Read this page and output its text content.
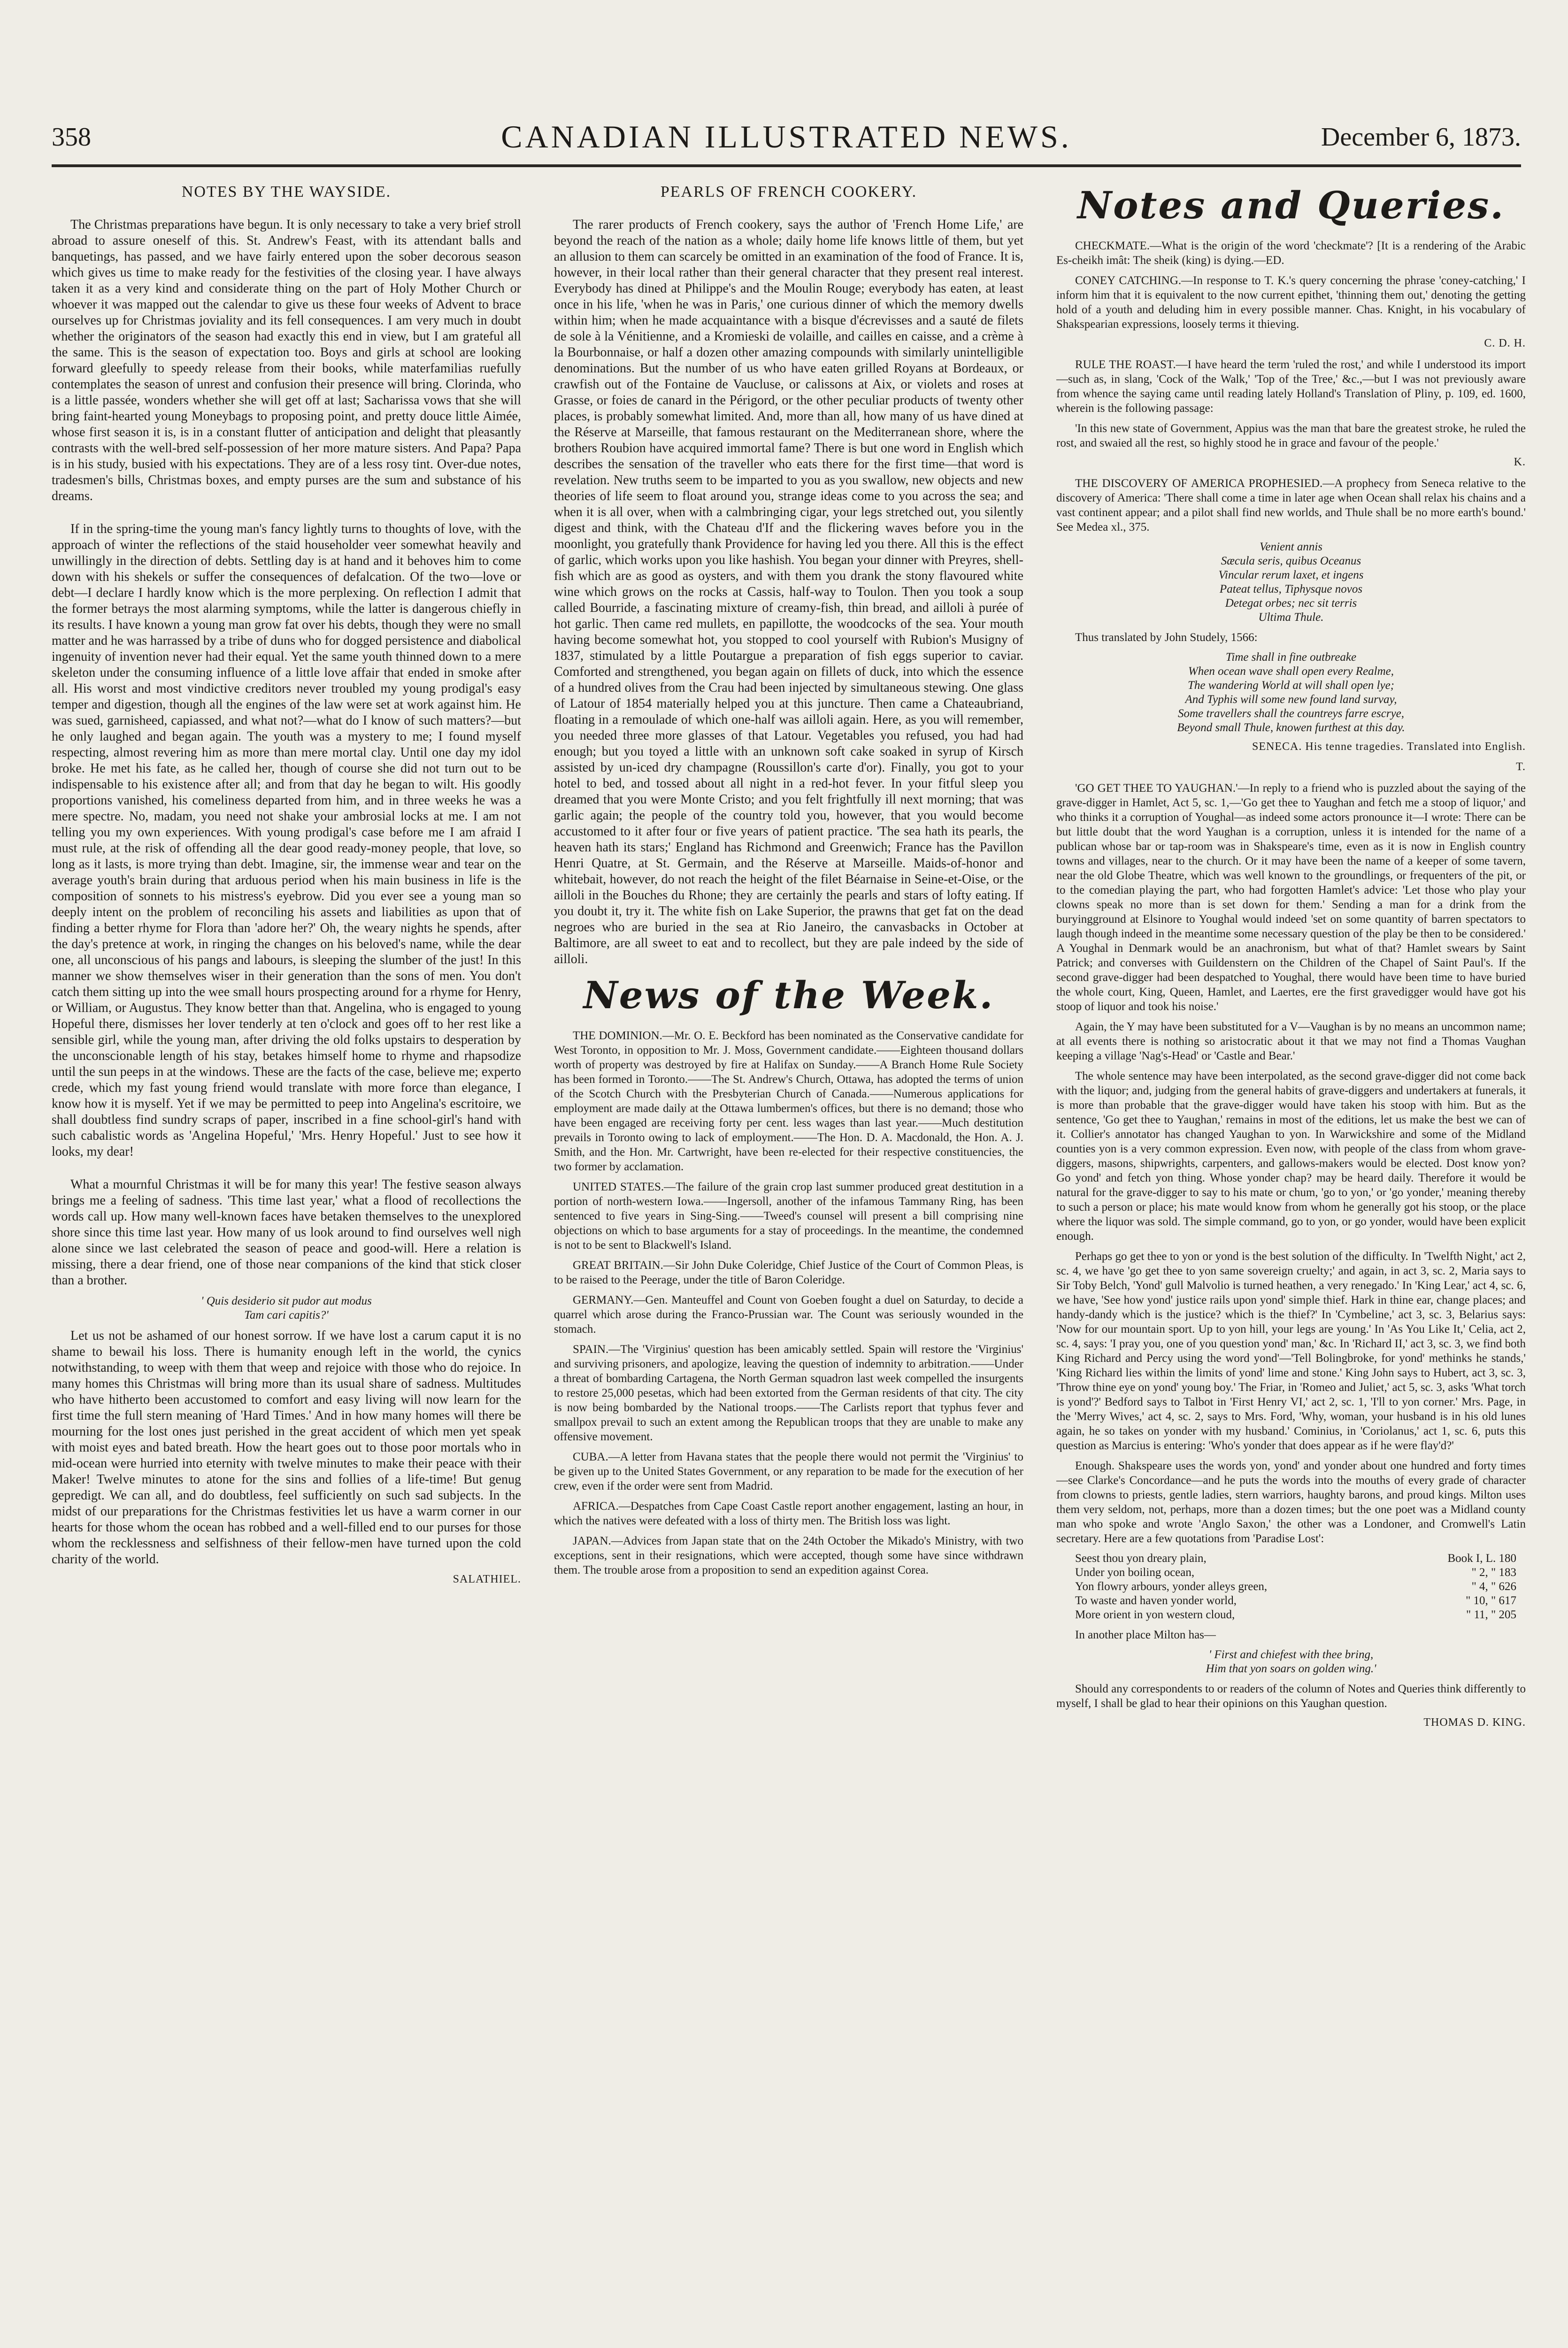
358	CANADIAN ILLUSTRATED NEWS.	December 6, 1873.
NOTES BY THE WAYSIDE.

The Christmas preparations have begun. It is only necessary to take a very brief stroll abroad to assure oneself of this. St. Andrew's Feast, with its attendant balls and banquetings, has passed, and we have fairly entered upon the sober decorous season which gives us time to make ready for the festivities of the closing year. I have always taken it as a very kind and considerate thing on the part of Holy Mother Church or whoever it was mapped out the calendar to give us these four weeks of Advent to brace ourselves up for Christmas joviality and its fell consequences. I am very much in doubt whether the originators of the season had exactly this end in view, but I am grateful all the same. This is the season of expectation too. Boys and girls at school are looking forward gleefully to speedy release from their books, while materfamilias ruefully contemplates the season of unrest and confusion their presence will bring. Clorinda, who is a little passée, wonders whether she will get off at last; Sacharissa vows that she will bring faint-hearted young Moneybags to proposing point, and pretty douce little Aimée, whose first season it is, is in a constant flutter of anticipation and delight that pleasantly contrasts with the well-bred self-possession of her more mature sisters. And Papa? Papa is in his study, busied with his expectations. They are of a less rosy tint. Over-due notes, tradesmen's bills, Christmas boxes, and empty purses are the sum and substance of his dreams.

If in the spring-time the young man's fancy lightly turns to thoughts of love, with the approach of winter the reflections of the staid householder veer somewhat heavily and unwillingly in the direction of debts. Settling day is at hand and it behoves him to come down with his shekels or suffer the consequences of defalcation. Of the two—love or debt—I declare I hardly know which is the more perplexing. On reflection I admit that the former betrays the most alarming symptoms, while the latter is dangerous chiefly in its results. I have known a young man grow fat over his debts, though they were no small matter and he was harrassed by a tribe of duns who for dogged persistence and diabolical ingenuity of invention never had their equal. Yet the same youth thinned down to a mere skeleton under the consuming influence of a little love affair that ended in smoke after all. His worst and most vindictive creditors never troubled my young prodigal's easy temper and digestion, though all the engines of the law were set at work against him. He was sued, garnisheed, capiassed, and what not?—what do I know of such matters?—but he only laughed and began again. The youth was a mystery to me; I found myself respecting, almost revering him as more than mere mortal clay. Until one day my idol broke. He met his fate, as he called her, though of course she did not turn out to be indispensable to his existence after all; and from that day he began to wilt. His goodly proportions vanished, his comeliness departed from him, and in three weeks he was a mere spectre. No, madam, you need not shake your ambrosial locks at me. I am not telling you my own experiences. With young prodigal's case before me I am afraid I must rule, at the risk of offending all the dear good ready-money people, that love, so long as it lasts, is more trying than debt. Imagine, sir, the immense wear and tear on the average youth's brain during that arduous period when his main business in life is the composition of sonnets to his mistress's eyebrow. Did you ever see a young man so deeply intent on the problem of reconciling his assets and liabilities as upon that of finding a better rhyme for Flora than 'adore her?' Oh, the weary nights he spends, after the day's pretence at work, in ringing the changes on his beloved's name, while the dear one, all unconscious of his pangs and labours, is sleeping the slumber of the just! In this manner we show themselves wiser in their generation than the sons of men. You don't catch them sitting up into the wee small hours prospecting around for a rhyme for Henry, or William, or Augustus. They know better than that. Angelina, who is engaged to young Hopeful there, dismisses her lover tenderly at ten o'clock and goes off to her rest like a sensible girl, while the young man, after driving the old folks upstairs to desperation by the unconscionable length of his stay, betakes himself home to rhyme and rhapsodize until the sun peeps in at the windows. These are the facts of the case, believe me; experto crede, which my fast young friend would translate with more force than elegance, I know how it is myself. Yet if we may be permitted to peep into Angelina's escritoire, we shall doubtless find sundry scraps of paper, inscribed in a fine school-girl's hand with such cabalistic words as 'Angelina Hopeful,' 'Mrs. Henry Hopeful.' Just to see how it looks, my dear!

What a mournful Christmas it will be for many this year! The festive season always brings me a feeling of sadness. 'This time last year,' what a flood of recollections the words call up. How many well-known faces have betaken themselves to the unexplored shore since this time last year. How many of us look around to find ourselves well nigh alone since we last celebrated the season of peace and good-will. Here a relation is missing, there a dear friend, one of those near companions of the kind that stick closer than a brother.

' Quis desiderio sit pudor aut modus
Tam cari capitis?'

Let us not be ashamed of our honest sorrow. If we have lost a carum caput it is no shame to bewail his loss. There is humanity enough left in the world, the cynics notwithstanding, to weep with them that weep and rejoice with those who do rejoice. In many homes this Christmas will bring more than its usual share of sadness. Multitudes who have hitherto been accustomed to comfort and easy living will now learn for the first time the full stern meaning of 'Hard Times.' And in how many homes will there be mourning for the lost ones just perished in the great accident of which men yet speak with moist eyes and bated breath. How the heart goes out to those poor mortals who in mid-ocean were hurried into eternity with twelve minutes to make their peace with their Maker! Twelve minutes to atone for the sins and follies of a life-time! But genug gepredigt. We can all, and do doubtless, feel sufficiently on such sad subjects. In the midst of our preparations for the Christmas festivities let us have a warm corner in our hearts for those whom the ocean has robbed and a well-filled end to our purses for those whom the recklessness and selfishness of their fellow-men have turned upon the cold charity of the world.

SALATHIEL.
PEARLS OF FRENCH COOKERY.

The rarer products of French cookery, says the author of 'French Home Life,' are beyond the reach of the nation as a whole; daily home life knows little of them, but yet an allusion to them can scarcely be omitted in an examination of the food of France. It is, however, in their local rather than their general character that they present real interest. Everybody has dined at Philippe's and the Moulin Rouge; everybody has eaten, at least once in his life, 'when he was in Paris,' one curious dinner of which the memory dwells within him; when he made acquaintance with a bisque d'écrevisses and a sauté de filets de sole à la Vénitienne, and a Kromieski de volaille, and cailles en caisse, and a crème à la Bourbonnaise, or half a dozen other amazing compounds with similarly unintelligible denominations. But the number of us who have eaten grilled Royans at Bordeaux, or crawfish out of the Fontaine de Vaucluse, or calissons at Aix, or violets and roses at Grasse, or foies de canard in the Périgord, or the other peculiar products of twenty other places, is probably somewhat limited. And, more than all, how many of us have dined at the Réserve at Marseille, that famous restaurant on the Mediterranean shore, where the brothers Roubion have acquired immortal fame? There is but one word in English which describes the sensation of the traveller who eats there for the first time—that word is revelation. New truths seem to be imparted to you as you swallow, new objects and new theories of life seem to float around you, strange ideas come to you across the sea; and when it is all over, when with a calmbringing cigar, your legs stretched out, you silently digest and think, with the Chateau d'If and the flickering waves before you in the moonlight, you gratefully thank Providence for having led you there. All this is the effect of garlic, which works upon you like hashish. You began your dinner with Preyres, shell-fish which are as good as oysters, and with them you drank the stony flavoured white wine which grows on the rocks at Cassis, half-way to Toulon. Then you took a soup called Bourride, a fascinating mixture of creamy-fish, thin bread, and ailloli à purée of hot garlic. Then came red mullets, en papillotte, the woodcocks of the sea. Your mouth having become somewhat hot, you stopped to cool yourself with Rubion's Musigny of 1837, stimulated by a little Poutargue a preparation of fish eggs superior to caviar. Comforted and strengthened, you began again on fillets of duck, into which the essence of a hundred olives from the Crau had been injected by simultaneous stewing. One glass of Latour of 1854 materially helped you at this juncture. Then came a Chateaubriand, floating in a remoulade of which one-half was ailloli again. Here, as you will remember, you needed three more glasses of that Latour. Vegetables you refused, you had had enough; but you toyed a little with an unknown soft cake soaked in syrup of Kirsch assisted by un-iced dry champagne (Roussillon's carte d'or). Finally, you got to your hotel to bed, and tossed about all night in a red-hot fever. In your fitful sleep you dreamed that you were Monte Cristo; and you felt frightfully ill next morning; that was garlic again; the people of the country told you, however, that you would become accustomed to it after four or five years of patient practice. 'The sea hath its pearls, the heaven hath its stars;' England has Richmond and Greenwich; France has the Pavillon Henri Quatre, at St. Germain, and the Réserve at Marseille. Maids-of-honor and whitebait, however, do not reach the height of the filet Béarnaise in Seine-et-Oise, or the ailloli in the Bouches du Rhone; they are certainly the pearls and stars of lofty eating. If you doubt it, try it. The white fish on Lake Superior, the prawns that get fat on the dead negroes who are buried in the sea at Rio Janeiro, the canvasbacks in October at Baltimore, are all sweet to eat and to recollect, but they are pale indeed by the side of ailloli.

News of the Week.

THE DOMINION.—Mr. O. E. Beckford has been nominated as the Conservative candidate for West Toronto, in opposition to Mr. J. Moss, Government candidate.——Eighteen thousand dollars worth of property was destroyed by fire at Halifax on Sunday.——A Branch Home Rule Society has been formed in Toronto.——The St. Andrew's Church, Ottawa, has adopted the terms of union of the Scotch Church with the Presbyterian Church of Canada.——Numerous applications for employment are made daily at the Ottawa lumbermen's offices, but there is no demand; those who have been engaged are receiving forty per cent. less wages than last year.——Much destitution prevails in Toronto owing to lack of employment.——The Hon. D. A. Macdonald, the Hon. A. J. Smith, and the Hon. Mr. Cartwright, have been re-elected for their respective constituencies, the two former by acclamation.

UNITED STATES.—The failure of the grain crop last summer produced great destitution in a portion of north-western Iowa.——Ingersoll, another of the infamous Tammany Ring, has been sentenced to five years in Sing-Sing.——Tweed's counsel will present a bill comprising nine objections on which to base arguments for a stay of proceedings. In the meantime, the condemned is not to be sent to Blackwell's Island.

GREAT BRITAIN.—Sir John Duke Coleridge, Chief Justice of the Court of Common Pleas, is to be raised to the Peerage, under the title of Baron Coleridge.

GERMANY.—Gen. Manteuffel and Count von Goeben fought a duel on Saturday, to decide a quarrel which arose during the Franco-Prussian war. The Count was seriously wounded in the stomach.

SPAIN.—The 'Virginius' question has been amicably settled. Spain will restore the 'Virginius' and surviving prisoners, and apologize, leaving the question of indemnity to arbitration.——Under a threat of bombarding Cartagena, the North German squadron last week compelled the insurgents to restore 25,000 pesetas, which had been extorted from the German residents of that city. The city is now being bombarded by the National troops.——The Carlists report that typhus fever and smallpox prevail to such an extent among the Republican troops that they are unable to make any offensive movement.

CUBA.—A letter from Havana states that the people there would not permit the 'Virginius' to be given up to the United States Government, or any reparation to be made for the execution of her crew, even if the order were sent from Madrid.

AFRICA.—Despatches from Cape Coast Castle report another engagement, lasting an hour, in which the natives were defeated with a loss of thirty men. The British loss was light.

JAPAN.—Advices from Japan state that on the 24th October the Mikado's Ministry, with two exceptions, sent in their resignations, which were accepted, though some have since withdrawn them. The trouble arose from a proposition to send an expedition against Corea.

Notes and Queries.

CHECKMATE.—What is the origin of the word 'checkmate'? [It is a rendering of the Arabic Es-cheikh imât: The sheik (king) is dying.—ED.

CONEY CATCHING.—In response to T. K.'s query concerning the phrase 'coney-catching,' I inform him that it is equivalent to the now current epithet, 'thinning them out,' denoting the getting hold of a youth and deluding him in every possible manner. Chas. Knight, in his vocabulary of Shakspearian expressions, loosely terms it thieving.

C. D. H.

RULE THE ROAST.—I have heard the term 'ruled the rost,' and while I understood its import—such as, in slang, 'Cock of the Walk,' 'Top of the Tree,' &c.,—but I was not previously aware from whence the saying came until reading lately Holland's Translation of Pliny, p. 109, ed. 1600, wherein is the following passage:

'In this new state of Government, Appius was the man that bare the greatest stroke, he ruled the rost, and swaied all the rest, so highly stood he in grace and favour of the people.'

K.

THE DISCOVERY OF AMERICA PROPHESIED.—A prophecy from Seneca relative to the discovery of America: 'There shall come a time in later age when Ocean shall relax his chains and a vast continent appear; and a pilot shall find new worlds, and Thule shall be no more earth's bound.' See Medea xl., 375.

Venient annis
Sæcula seris, quibus Oceanus
Vincular rerum laxet, et ingens
Pateat tellus, Tiphysque novos
Detegat orbes; nec sit terris
Ultima Thule.

Thus translated by John Studely, 1566:

Time shall in fine outbreake
When ocean wave shall open every Realme,
The wandering World at will shall open lye;
And Typhis will some new found land survay,
Some travellers shall the countreys farre escrye,
Beyond small Thule, knowen furthest at this day.
SENECA. His tenne tragedies. Translated into English.
T.

'GO GET THEE TO YAUGHAN.'—In reply to a friend who is puzzled about the saying of the grave-digger in Hamlet, Act 5, sc. 1,—'Go get thee to Yaughan and fetch me a stoop of liquor,' and who thinks it a corruption of Youghal—as indeed some actors pronounce it—I wrote: There can be but little doubt that the word Yaughan is a corruption, unless it is intended for the name of a publican whose bar or tap-room was in Shakspeare's time, even as it is now in English country towns and villages, near to the church. Or it may have been the name of a keeper of some tavern, near the old Globe Theatre, which was well known to the groundlings, or frequenters of the pit, or to the comedian playing the part, who had forgotten Hamlet's advice: 'Let those who play your clowns speak no more than is set down for them.' Sending a man for a drink from the buryingground at Elsinore to Youghal would indeed 'set on some quantity of barren spectators to laugh though indeed in the meantime some necessary question of the play be then to be considered.' A Youghal in Denmark would be an anachronism, but what of that? Hamlet swears by Saint Patrick; and converses with Guildenstern on the Children of the Chapel of Saint Paul's. If the second grave-digger had been despatched to Youghal, there would have been time to have buried the whole court, King, Queen, Hamlet, and Laertes, ere the first gravedigger would have got his stoop of liquor and took his noise.'

Again, the Y may have been substituted for a V—Vaughan is by no means an uncommon name; at all events there is nothing so aristocratic about it that we may not find a Thomas Vaughan keeping a village 'Nag's-Head' or 'Castle and Bear.'

The whole sentence may have been interpolated, as the second grave-digger did not come back with the liquor; and, judging from the general habits of grave-diggers and undertakers at funerals, it is more than probable that the grave-digger would have taken his stoop with him. But as the sentence, 'Go get thee to Yaughan,' remains in most of the editions, let us make the best we can of it. Collier's annotator has changed Yaughan to yon. In Warwickshire and some of the Midland counties yon is a very common expression. Even now, with people of the class from whom grave-diggers, masons, shipwrights, carpenters, and gallows-makers would be elected. Dost know yon? Go yond' and fetch yon thing. Whose yonder chap? may be heard daily. Therefore it would be natural for the grave-digger to say to his mate or chum, 'go to yon,' or 'go yonder,' meaning thereby to such a person or place; his mate would know from whom he generally got his stoop, or the place where the liquor was sold. The simple command, go to yon, or go yonder, would have been explicit enough.

Perhaps go get thee to yon or yond is the best solution of the difficulty. In 'Twelfth Night,' act 2, sc. 4, we have 'go get thee to yon same sovereign cruelty;' and again, in act 3, sc. 2, Maria says to Sir Toby Belch, 'Yond' gull Malvolio is turned heathen, a very renegado.' In 'King Lear,' act 4, sc. 6, we have, 'See how yond' justice rails upon yond' simple thief. Hark in thine ear, change places; and handy-dandy which is the justice? which is the thief?' In 'Cymbeline,' act 3, sc. 3, Belarius says: 'Now for our mountain sport. Up to yon hill, your legs are young.' In 'As You Like It,' Celia, act 2, sc. 4, says: 'I pray you, one of you question yond' man,' &c. In 'Richard II,' act 3, sc. 3, we find both King Richard and Percy using the word yond'—'Tell Bolingbroke, for yond' methinks he stands,' 'King Richard lies within the limits of yond' lime and stone.' King John says to Hubert, act 3, sc. 3, 'Throw thine eye on yond' young boy.' The Friar, in 'Romeo and Juliet,' act 5, sc. 3, asks 'What torch is yond'?' Bedford says to Talbot in 'First Henry VI,' act 2, sc. 1, 'I'll to yon corner.' Mrs. Page, in the 'Merry Wives,' act 4, sc. 2, says to Mrs. Ford, 'Why, woman, your husband is in his old lunes again, he so takes on yonder with my husband.' Cominius, in 'Coriolanus,' act 1, sc. 6, puts this question as Marcius is entering: 'Who's yonder that does appear as if he were flay'd?'

Enough. Shakspeare uses the words yon, yond' and yonder about one hundred and forty times—see Clarke's Concordance—and he puts the words into the mouths of every grade of character from clowns to priests, gentle ladies, stern warriors, haughty barons, and proud kings. Milton uses them very seldom, not, perhaps, more than a dozen times; but the one poet was a Midland county man who spoke and wrote 'Anglo Saxon,' the other was a Londoner, and Cromwell's Latin secretary. Here are a few quotations from 'Paradise Lost':

Seest thou yon dreary plain,	Book I, L. 180
Under yon boiling ocean,	" 2, " 183
Yon flowry arbours, yonder alleys green,	" 4, " 626
To waste and haven yonder world,	" 10, " 617
More orient in yon western cloud,	" 11, " 205

In another place Milton has—

' First and chiefest with thee bring,
Him that yon soars on golden wing.'

Should any correspondents to or readers of the column of Notes and Queries think differently to myself, I shall be glad to hear their opinions on this Yaughan question.

THOMAS D. KING.
